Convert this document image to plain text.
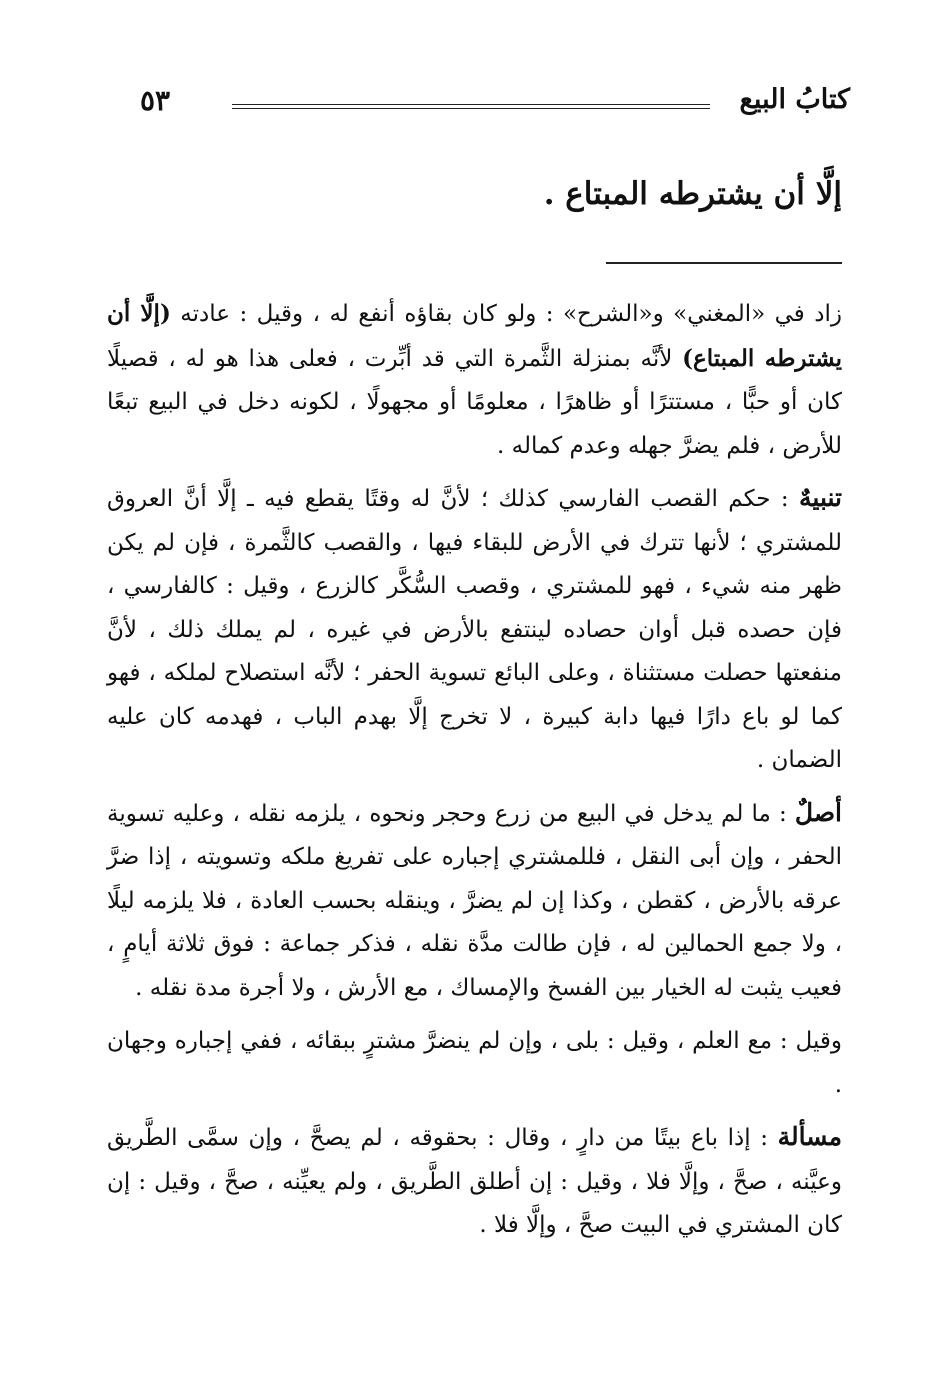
كتابُ البيع
٥٣
إلَّا أن يشترطه المبتاع .

زاد في «المغني» و«الشرح» : ولو كان بقاؤه أنفع له ، وقيل : عادته (إلَّا أن يشترطه المبتاع) لأنَّه بمنزلة الثَّمرة التي قد أبِّرت ، فعلى هذا هو له ، قصيلًا كان أو حبًّا ، مستترًا أو ظاهرًا ، معلومًا أو مجهولًا ، لكونه دخل في البيع تبعًا للأرض ، فلم يضرَّ جهله وعدم كماله .

تنبيهٌ : حكم القصب الفارسي كذلك ؛ لأنَّ له وقتًا يقطع فيه ـ إلَّا أنَّ العروق للمشتري ؛ لأنها تترك في الأرض للبقاء فيها ، والقصب كالثَّمرة ، فإن لم يكن ظهر منه شيء ، فهو للمشتري ، وقصب السُّكَّر كالزرع ، وقيل : كالفارسي ، فإن حصده قبل أوان حصاده لينتفع بالأرض في غيره ، لم يملك ذلك ، لأنَّ منفعتها حصلت مستثناة ، وعلى البائع تسوية الحفر ؛ لأنَّه استصلاح لملكه ، فهو كما لو باع دارًا فيها دابة كبيرة ، لا تخرج إلَّا بهدم الباب ، فهدمه كان عليه الضمان .

أصلٌ : ما لم يدخل في البيع من زرع وحجر ونحوه ، يلزمه نقله ، وعليه تسوية الحفر ، وإن أبى النقل ، فللمشتري إجباره على تفريغ ملكه وتسويته ، إذا ضرَّ عرقه بالأرض ، كقطن ، وكذا إن لم يضرَّ ، وينقله بحسب العادة ، فلا يلزمه ليلًا ، ولا جمع الحمالين له ، فإن طالت مدَّة نقله ، فذكر جماعة : فوق ثلاثة أيامٍ ، فعيب يثبت له الخيار بين الفسخ والإمساك ، مع الأرش ، ولا أجرة مدة نقله .

وقيل : مع العلم ، وقيل : بلى ، وإن لم ينضرَّ مشترٍ ببقائه ، ففي إجباره وجهان .

مسألة : إذا باع بيتًا من دارٍ ، وقال : بحقوقه ، لم يصحَّ ، وإن سمَّى الطَّريق وعيَّنه ، صحَّ ، وإلَّا فلا ، وقيل : إن أطلق الطَّريق ، ولم يعيِّنه ، صحَّ ، وقيل : إن كان المشتري في البيت صحَّ ، وإلَّا فلا .
